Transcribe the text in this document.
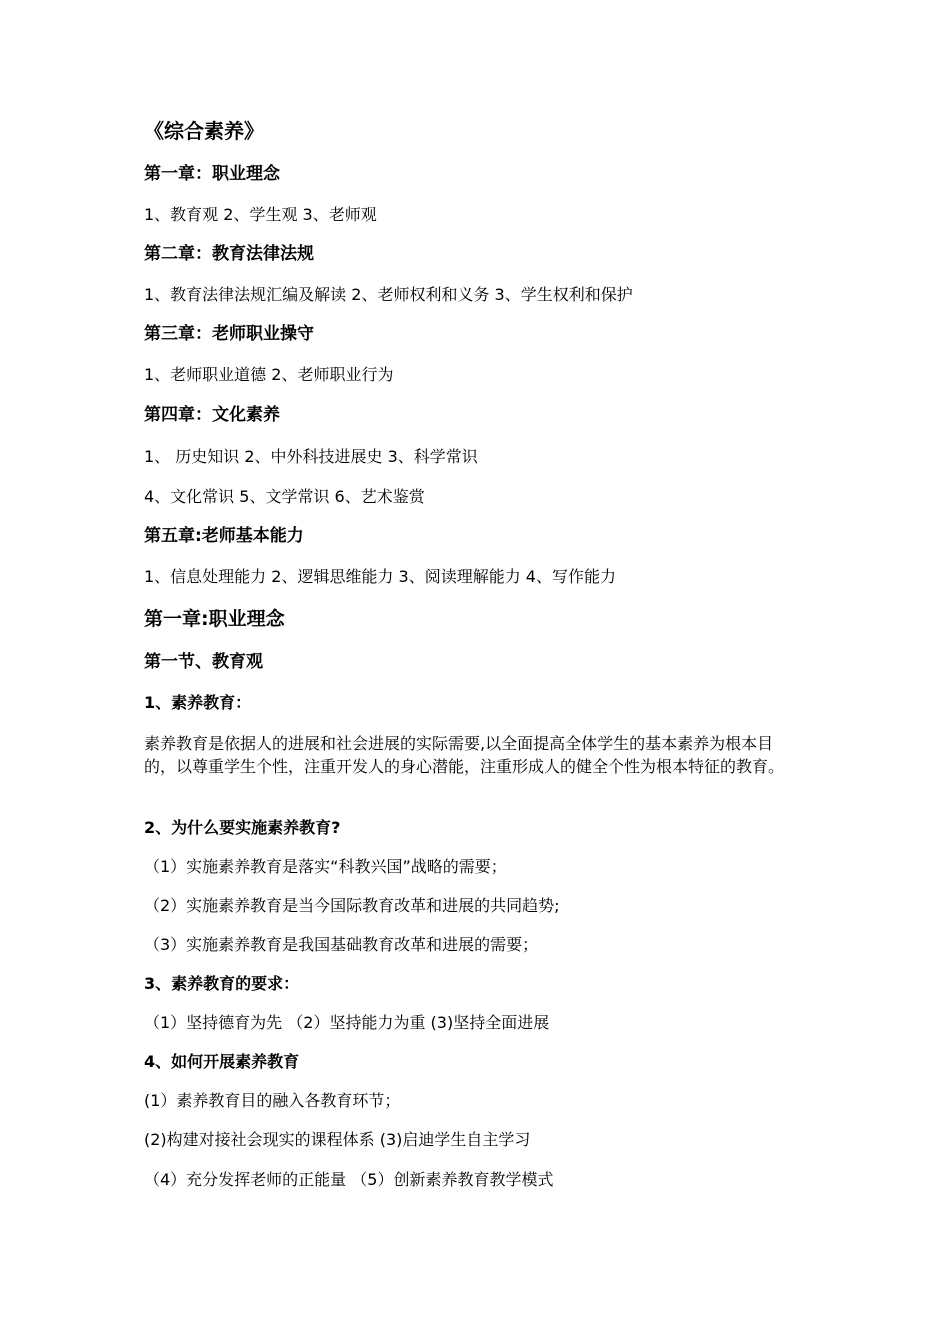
《综合素养》
第一章：职业理念
1、教育观 2、学生观 3、老师观
第二章：教育法律法规
1、教育法律法规汇编及解读 2、老师权利和义务 3、学生权利和保护
第三章：老师职业操守
1、老师职业道德 2、老师职业行为
第四章：文化素养
1、 历史知识 2、中外科技进展史 3、科学常识
4、文化常识 5、文学常识 6、艺术鉴赏
第五章:老师基本能力
1、信息处理能力 2、逻辑思维能力 3、阅读理解能力 4、写作能力
第一章:职业理念
第一节、教育观
1、素养教育：
素养教育是依据人的进展和社会进展的实际需要,以全面提高全体学生的基本素养为根本目的，以尊重学生个性，注重开发人的身心潜能，注重形成人的健全个性为根本特征的教育。
2、为什么要实施素养教育?
（1）实施素养教育是落实“科教兴国”战略的需要；
（2）实施素养教育是当今国际教育改革和进展的共同趋势;
（3）实施素养教育是我国基础教育改革和进展的需要；
3、素养教育的要求：
（1）坚持德育为先 （2）坚持能力为重 (3)坚持全面进展
4、如何开展素养教育
(1）素养教育目的融入各教育环节；
(2)构建对接社会现实的课程体系 (3)启迪学生自主学习
（4）充分发挥老师的正能量 （5）创新素养教育教学模式
